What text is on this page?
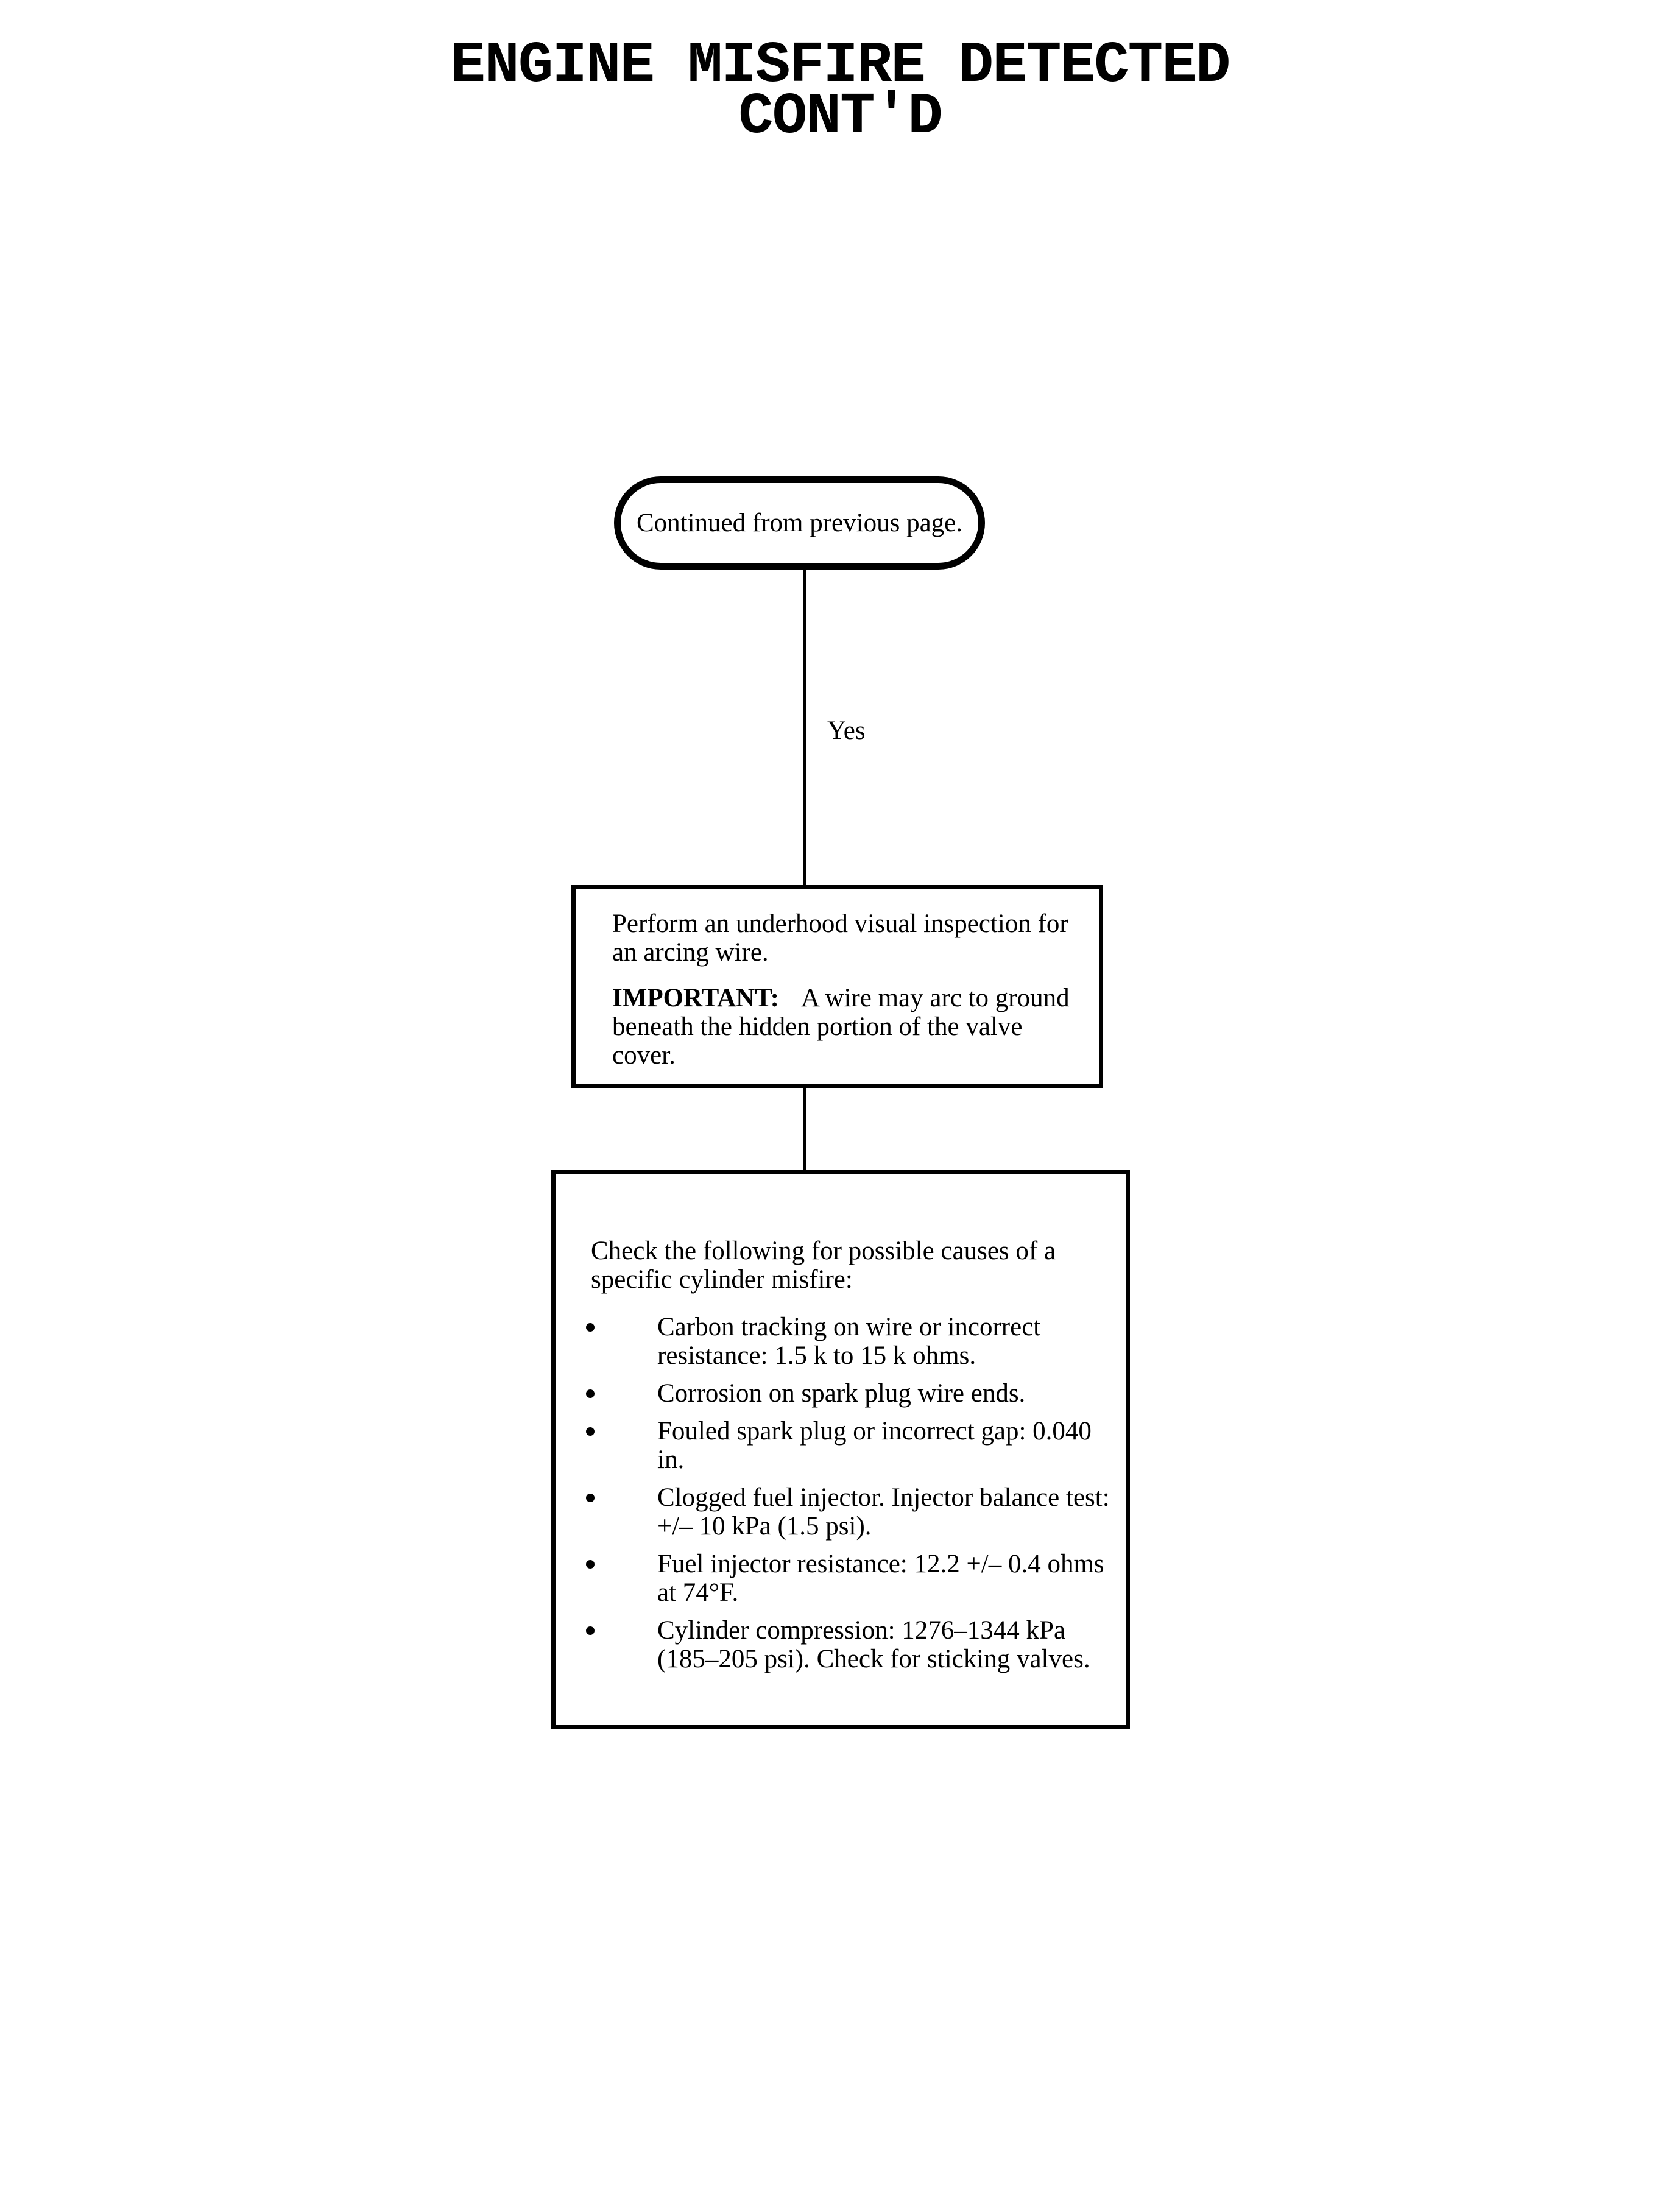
ENGINE MISFIRE DETECTED
CONT'D
Continued from previous page.
Yes

Perform an underhood visual inspection for an arcing wire.

IMPORTANT: A wire may arc to ground beneath the hidden portion of the valve cover.

Check the following for possible causes of a specific cylinder misfire:

Carbon tracking on wire or incorrect resistance: 1.5 k to 15 k ohms.
Corrosion on spark plug wire ends.
Fouled spark plug or incorrect gap: 0.040 in.
Clogged fuel injector. Injector balance test: +/– 10 kPa (1.5 psi).
Fuel injector resistance: 12.2 +/– 0.4 ohms at 74°F.
Cylinder compression: 1276–1344 kPa (185–205 psi). Check for sticking valves.
